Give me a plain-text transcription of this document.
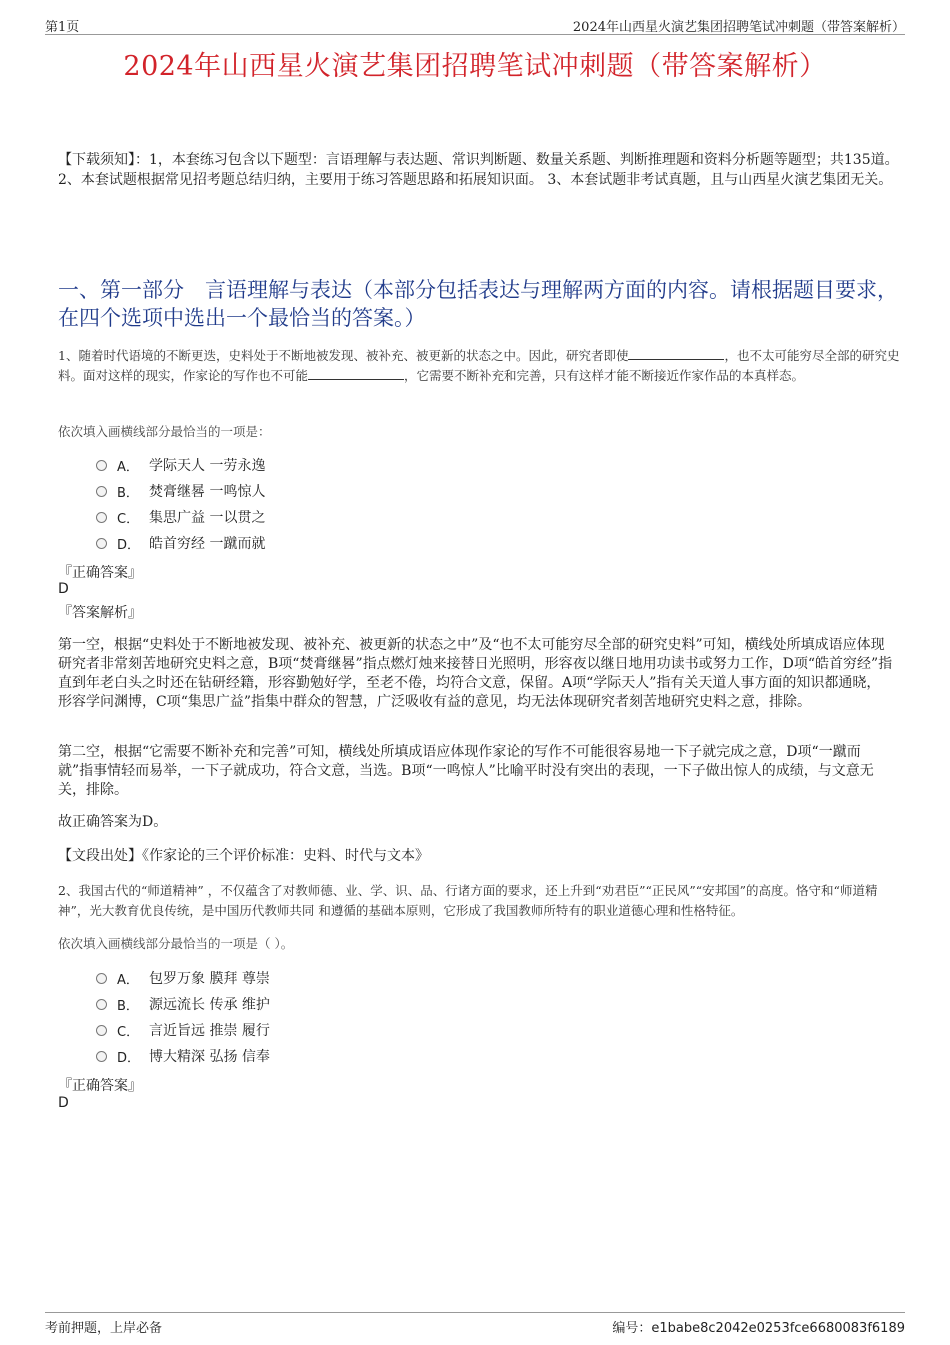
第1页	2024年山西星火演艺集团招聘笔试冲刺题（带答案解析）
2024年山西星火演艺集团招聘笔试冲刺题（带答案解析）
【下载须知】：1，本套练习包含以下题型：言语理解与表达题、常识判断题、数量关系题、判断推理题和资料分析题等题型；共135道。 2、本套试题根据常见招考题总结归纳，主要用于练习答题思路和拓展知识面。 3、本套试题非考试真题，且与山西星火演艺集团无关。
一、第一部分　言语理解与表达（本部分包括表达与理解两方面的内容。请根据题目要求，在四个选项中选出一个最恰当的答案。）
1、随着时代语境的不断更迭，史料处于不断地被发现、被补充、被更新的状态之中。因此，研究者即使	，也不太可能穷尽全部的研究史料。面对这样的现实，作家论的写作也不可能	，它需要不断补充和完善，只有这样才能不断接近作家作品的本真样态。
依次填入画横线部分最恰当的一项是：
A． 学际天人 一劳永逸
B． 焚膏继晷 一鸣惊人
C． 集思广益 一以贯之
D． 皓首穷经 一蹴而就
『正确答案』
D
『答案解析』
第一空，根据“史料处于不断地被发现、被补充、被更新的状态之中”及“也不太可能穷尽全部的研究史料”可知，横线处所填成语应体现研究者非常刻苦地研究史料之意，B项“焚膏继晷”指点燃灯烛来接替日光照明，形容夜以继日地用功读书或努力工作，D项“皓首穷经”指直到年老白头之时还在钻研经籍，形容勤勉好学，至老不倦，均符合文意，保留。A项“学际天人”指有关天道人事方面的知识都通晓，形容学问渊博，C项“集思广益”指集中群众的智慧，广泛吸收有益的意见，均无法体现研究者刻苦地研究史料之意，排除。
第二空，根据“它需要不断补充和完善”可知，横线处所填成语应体现作家论的写作不可能很容易地一下子就完成之意，D项“一蹴而就”指事情轻而易举，一下子就成功，符合文意，当选。B项“一鸣惊人”比喻平时没有突出的表现，一下子做出惊人的成绩，与文意无关，排除。
故正确答案为D。
【文段出处】《作家论的三个评价标准：史料、时代与文本》
2、我国古代的“师道精神” ，不仅蕴含了对教师德、业、学、识、品、行诸方面的要求，还上升到“劝君臣”“正民风”“安邦国”的高度。恪守和“师道精神”，光大教育优良传统，是中国历代教师共同 和遵循的基础本原则，它形成了我国教师所特有的职业道德心理和性格特征。
依次填入画横线部分最恰当的一项是（ ）。
A． 包罗万象 膜拜 尊崇
B． 源远流长 传承 维护
C． 言近旨远 推崇 履行
D． 博大精深 弘扬 信奉
『正确答案』
D
考前押题，上岸必备	编号：e1babe8c2042e0253fce6680083f6189
